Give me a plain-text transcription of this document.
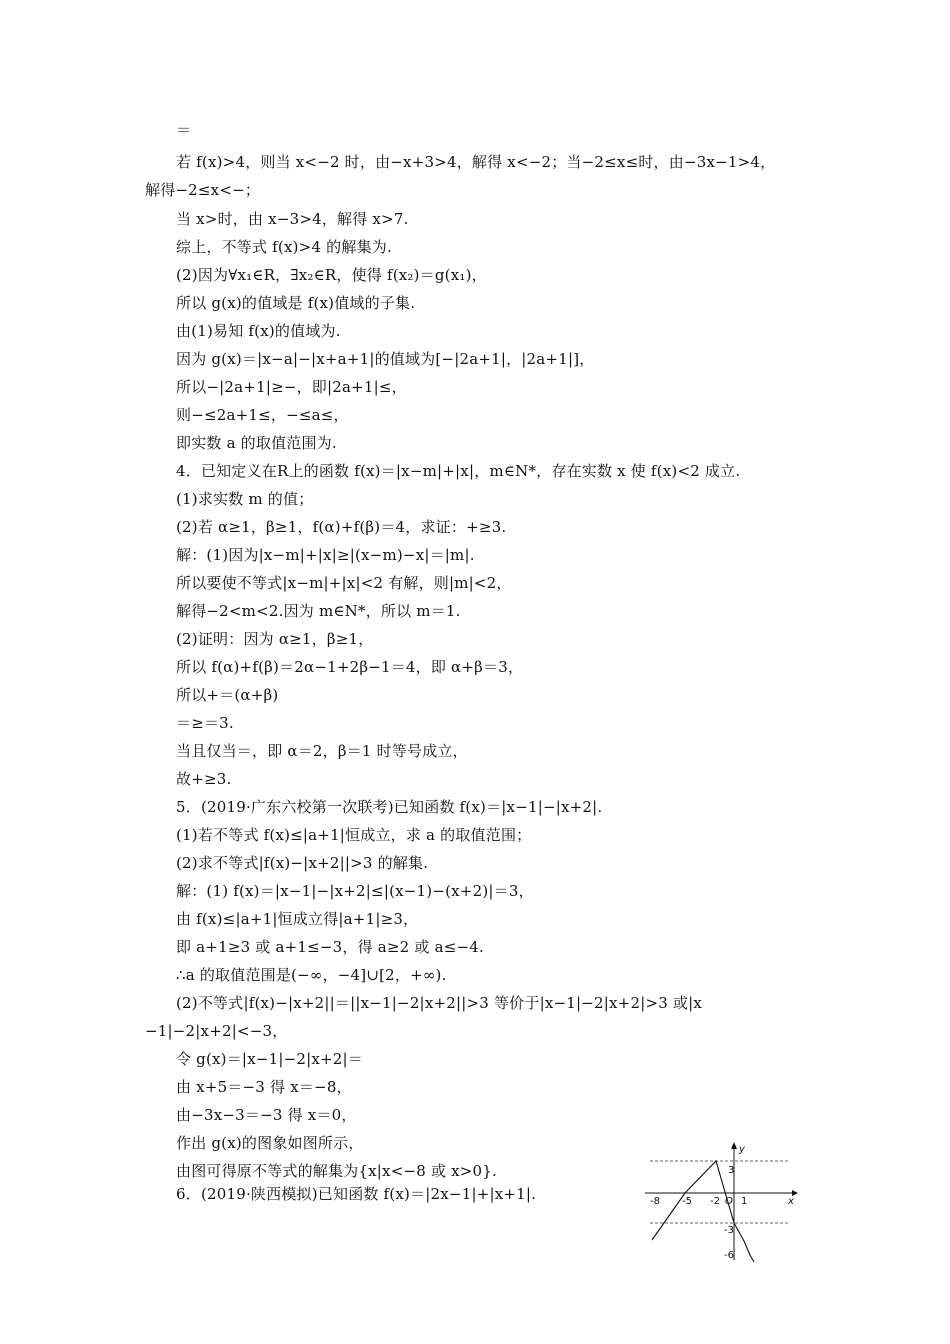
＝
若 f(x)>4，则当 x<−2 时，由−x+3>4，解得 x<−2；当−2≤x≤时，由−3x−1>4，
解得−2≤x<−；
当 x>时，由 x−3>4，解得 x>7.
综上，不等式 f(x)>4 的解集为.
(2)因为∀x₁∈R，∃x₂∈R，使得 f(x₂)＝g(x₁)，
所以 g(x)的值域是 f(x)值域的子集.
由(1)易知 f(x)的值域为.
因为 g(x)＝|x−a|−|x+a+1|的值域为[−|2a+1|，|2a+1|]，
所以−|2a+1|≥−，即|2a+1|≤，
则−≤2a+1≤，−≤a≤，
即实数 a 的取值范围为.
4．已知定义在R上的函数 f(x)＝|x−m|+|x|，m∈N*，存在实数 x 使 f(x)<2 成立.
(1)求实数 m 的值；
(2)若 α≥1，β≥1，f(α)+f(β)＝4，求证：+≥3.
解：(1)因为|x−m|+|x|≥|(x−m)−x|＝|m|.
所以要使不等式|x−m|+|x|<2 有解，则|m|<2，
解得−2<m<2.因为 m∈N*，所以 m＝1.
(2)证明：因为 α≥1，β≥1，
所以 f(α)+f(β)＝2α−1+2β−1＝4，即 α+β＝3，
所以+＝(α+β)
＝≥＝3.
当且仅当＝，即 α＝2，β＝1 时等号成立，
故+≥3.
5．(2019·广东六校第一次联考)已知函数 f(x)＝|x−1|−|x+2|.
(1)若不等式 f(x)≤|a+1|恒成立，求 a 的取值范围；
(2)求不等式|f(x)−|x+2||>3 的解集.
解：(1) f(x)＝|x−1|−|x+2|≤|(x−1)−(x+2)|＝3，
由 f(x)≤|a+1|恒成立得|a+1|≥3，
即 a+1≥3 或 a+1≤−3，得 a≥2 或 a≤−4.
∴a 的取值范围是(−∞，−4]∪[2，+∞).
(2)不等式|f(x)−|x+2||＝||x−1|−2|x+2||>3 等价于|x−1|−2|x+2|>3 或|x
−1|−2|x+2|<−3，
令 g(x)＝|x−1|−2|x+2|＝
由 x+5＝−3 得 x＝−8，
由−3x−3＝−3 得 x＝0，
作出 g(x)的图象如图所示，
由图可得原不等式的解集为{x|x<−8 或 x>0}.
6．(2019·陕西模拟)已知函数 f(x)＝|2x−1|+|x+1|.	x
y
O
-8 -5 -2 1
3
-3
-6
